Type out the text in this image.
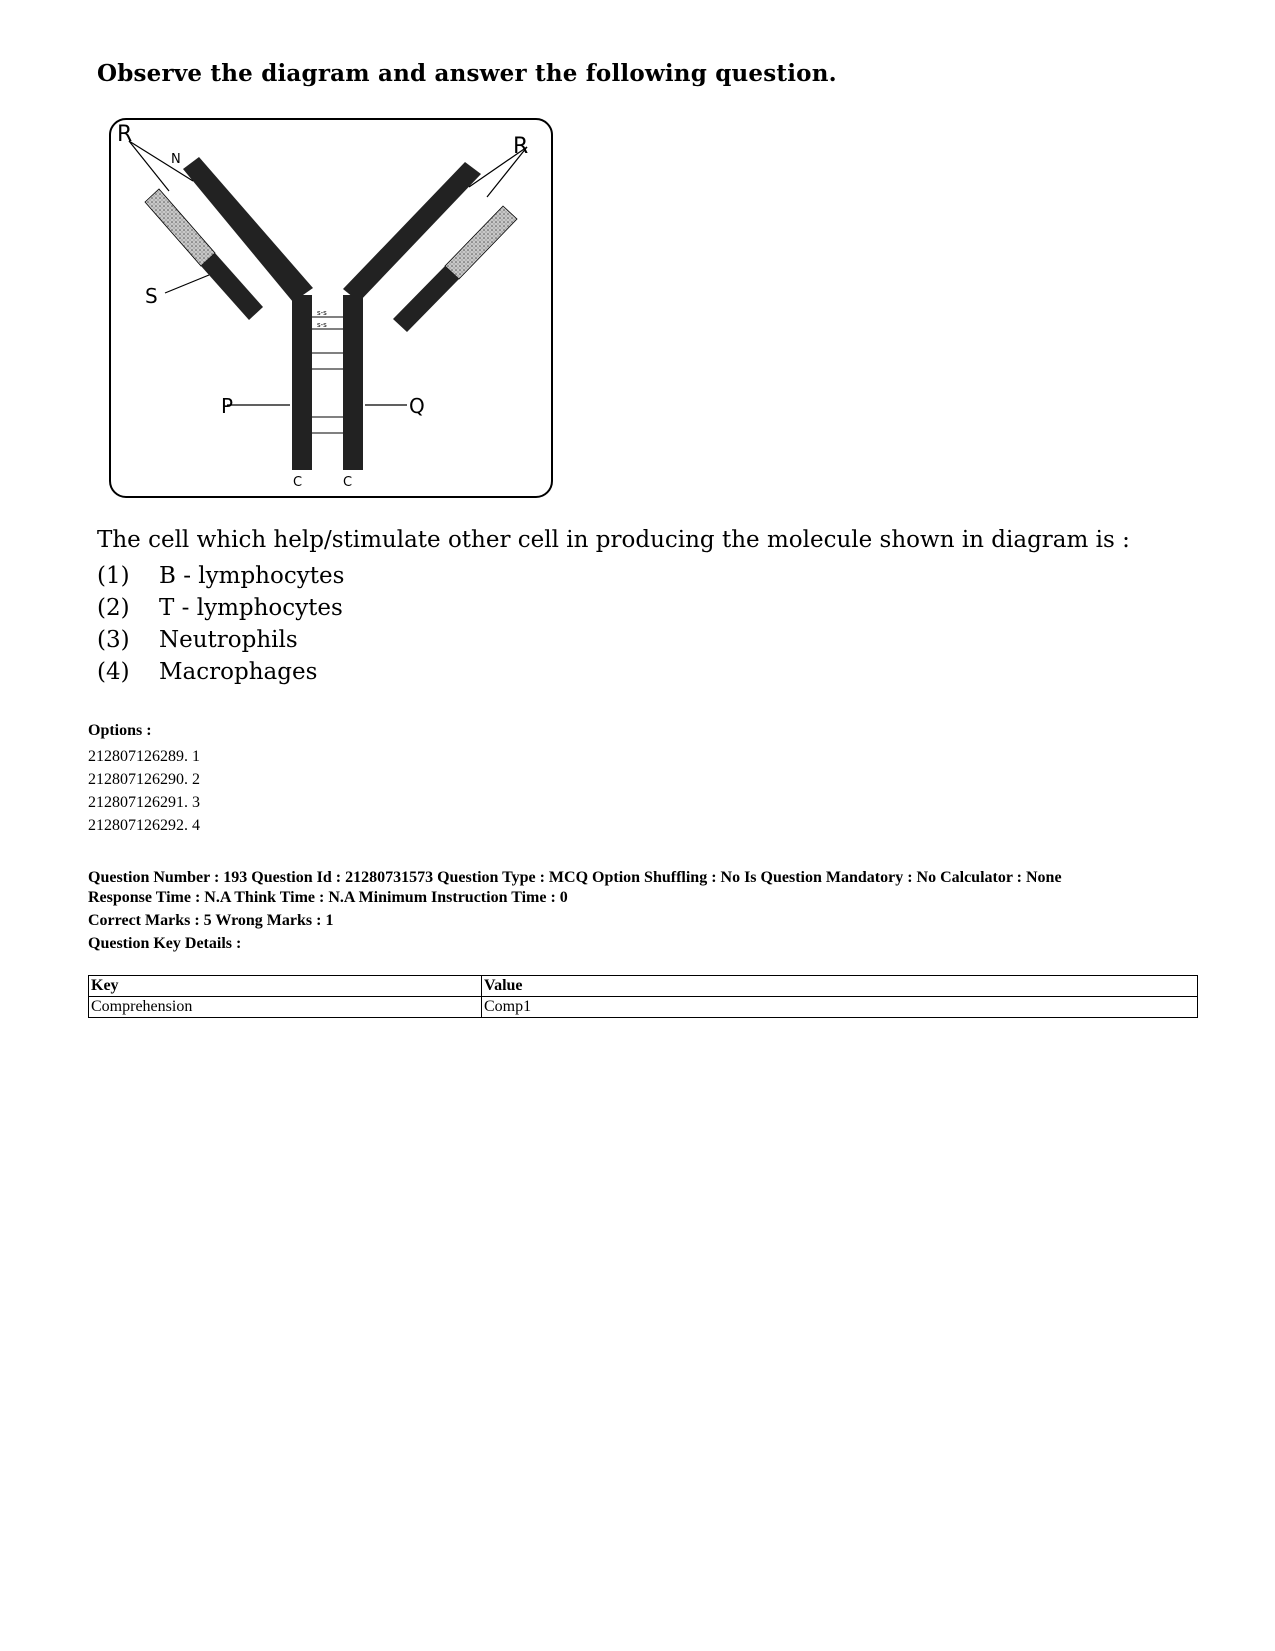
Observe the diagram and answer the following question.
s-s
s-s
R
N
R
S
P	Q
C	C
The cell which help/stimulate other cell in producing the molecule shown in diagram is :
(1) B - lymphocytes
(2) T - lymphocytes
(3) Neutrophils
(4) Macrophages
Options :
212807126289. 1
212807126290. 2
212807126291. 3
212807126292. 4
Question Number : 193 Question Id : 21280731573 Question Type : MCQ Option Shuffling : No Is Question Mandatory : No Calculator : None
Response Time : N.A Think Time : N.A Minimum Instruction Time : 0
Correct Marks : 5 Wrong Marks : 1
Question Key Details :
Key	Value
Comprehension	Comp1
